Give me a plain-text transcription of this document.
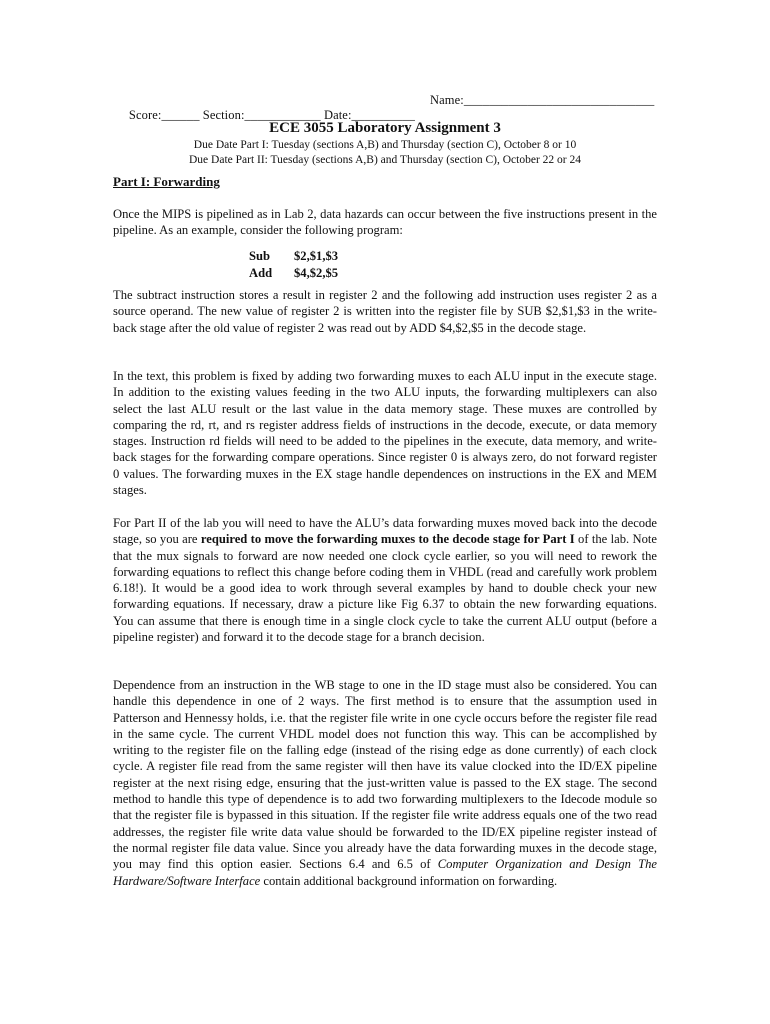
Score:______ Section:____________ Date:__________

Name:______________________________

ECE 3055 Laboratory Assignment 3
Due Date Part I: Tuesday (sections A,B) and Thursday (section C), October 8 or 10
Due Date Part II: Tuesday (sections A,B) and Thursday (section C), October 22 or 24
Part I: Forwarding
Once the MIPS is pipelined as in Lab 2, data hazards can occur between the five instructions present in the pipeline. As an example, consider the following program:
Sub $2,$1,$3
Add $4,$2,$5
The subtract instruction stores a result in register 2 and the following add instruction uses register 2 as a source operand. The new value of register 2 is written into the register file by SUB $2,$1,$3 in the write-back stage after the old value of register 2 was read out by ADD $4,$2,$5 in the decode stage.
In the text, this problem is fixed by adding two forwarding muxes to each ALU input in the execute stage. In addition to the existing values feeding in the two ALU inputs, the forwarding multiplexers can also select the last ALU result or the last value in the data memory stage. These muxes are controlled by comparing the rd, rt, and rs register address fields of instructions in the decode, execute, or data memory stages. Instruction rd fields will need to be added to the pipelines in the execute, data memory, and write-back stages for the forwarding compare operations. Since register 0 is always zero, do not forward register 0 values. The forwarding muxes in the EX stage handle dependences on instructions in the EX and MEM stages.
For Part II of the lab you will need to have the ALU’s data forwarding muxes moved back into the decode stage, so you are required to move the forwarding muxes to the decode stage for Part I of the lab. Note that the mux signals to forward are now needed one clock cycle earlier, so you will need to rework the forwarding equations to reflect this change before coding them in VHDL (read and carefully work problem 6.18!). It would be a good idea to work through several examples by hand to double check your new forwarding equations. If necessary, draw a picture like Fig 6.37 to obtain the new forwarding equations. You can assume that there is enough time in a single clock cycle to take the current ALU output (before a pipeline register) and forward it to the decode stage for a branch decision.
Dependence from an instruction in the WB stage to one in the ID stage must also be considered. You can handle this dependence in one of 2 ways. The first method is to ensure that the assumption used in Patterson and Hennessy holds, i.e. that the register file write in one cycle occurs before the register file read in the same cycle. The current VHDL model does not function this way. This can be accomplished by writing to the register file on the falling edge (instead of the rising edge as done currently) of each clock cycle. A register file read from the same register will then have its value clocked into the ID/EX pipeline register at the next rising edge, ensuring that the just-written value is passed to the EX stage. The second method to handle this type of dependence is to add two forwarding multiplexers to the Idecode module so that the register file is bypassed in this situation. If the register file write address equals one of the two read addresses, the register file write data value should be forwarded to the ID/EX pipeline register instead of the normal register file data value. Since you already have the data forwarding muxes in the decode stage, you may find this option easier. Sections 6.4 and 6.5 of Computer Organization and Design The Hardware/Software Interface contain additional background information on forwarding.
